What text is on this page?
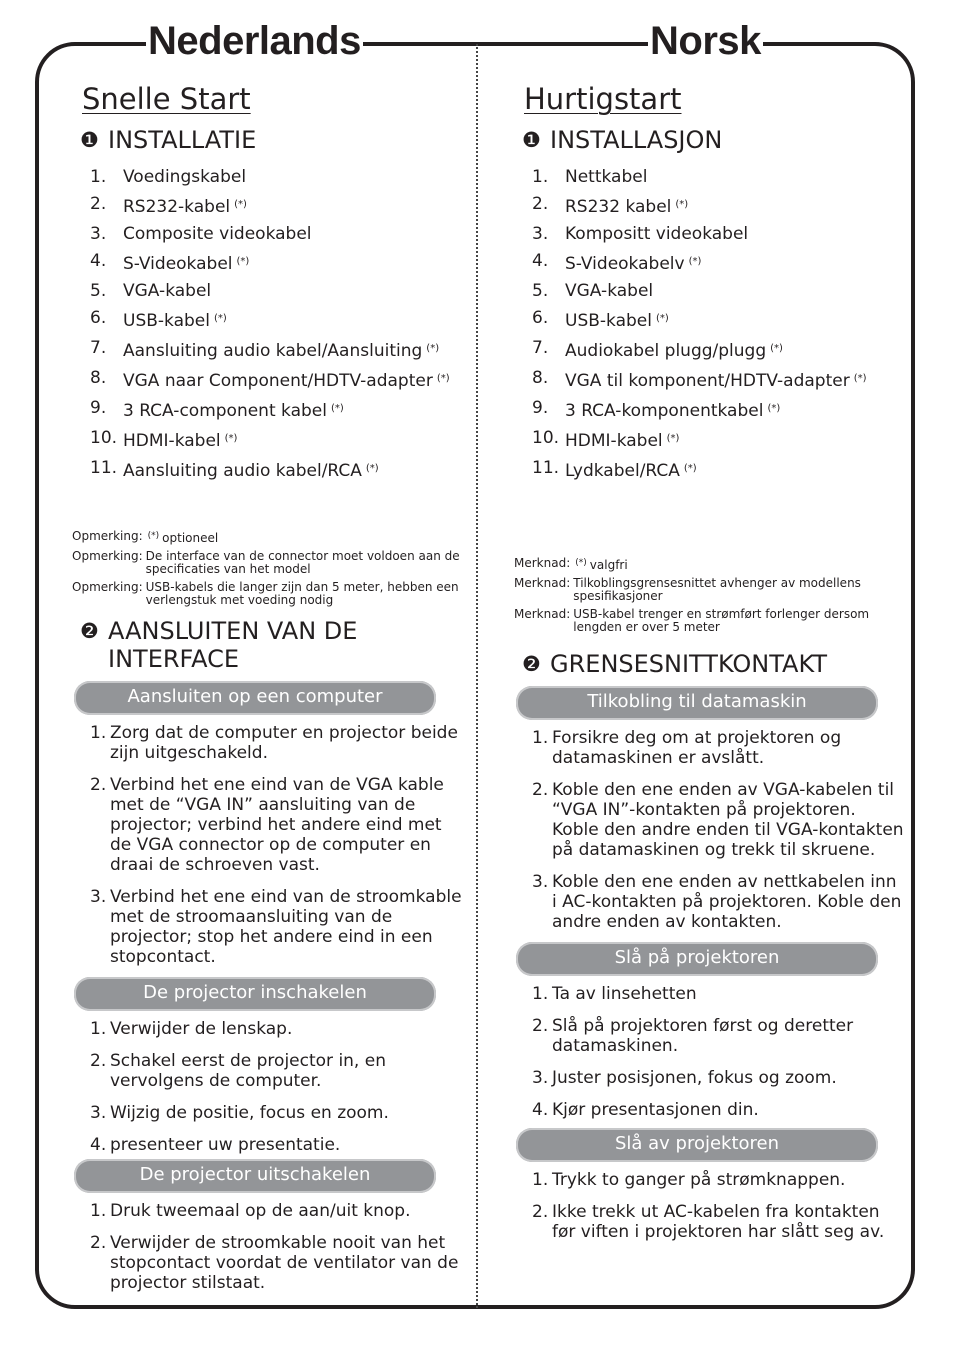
Nederlands	Norsk
Snelle Start
❶ INSTALLATIE
1. Voedingskabel
2. RS232-kabel (*)
3. Composite videokabel
4. S-Videokabel (*)
5. VGA-kabel
6. USB-kabel (*)
7. Aansluiting audio kabel/Aansluiting (*)
8. VGA naar Component/HDTV-adapter (*)
9. 3 RCA-component kabel (*)
10. HDMI-kabel (*)
11. Aansluiting audio kabel/RCA (*)
Opmerking: (*) optioneel
Opmerking: De interface van de connector moet voldoen aan de specificaties van het model
Opmerking: USB-kabels die langer zijn dan 5 meter, hebben een verlengstuk met voeding nodig
❷ AANSLUITEN VAN DE INTERFACE
Aansluiten op een computer
1. Zorg dat de computer en projector beide zijn uitgeschakeld.
2. Verbind het ene eind van de VGA kable met de “VGA IN” aansluiting van de projector; verbind het andere eind met de VGA connector op de computer en draai de schroeven vast.
3. Verbind het ene eind van de stroomkable met de stroomaansluiting van de projector; stop het andere eind in een stopcontact.
De projector inschakelen
1. Verwijder de lenskap.
2. Schakel eerst de projector in, en vervolgens de computer.
3. Wijzig de positie, focus en zoom.
4. presenteer uw presentatie.
De projector uitschakelen
1. Druk tweemaal op de aan/uit knop.
2. Verwijder de stroomkable nooit van het stopcontact voordat de ventilator van de projector stilstaat.
Hurtigstart
❶ INSTALLASJON
1. Nettkabel
2. RS232 kabel (*)
3. Kompositt videokabel
4. S-Videokabelv (*)
5. VGA-kabel
6. USB-kabel (*)
7. Audiokabel plugg/plugg (*)
8. VGA til komponent/HDTV-adapter (*)
9. 3 RCA-komponentkabel (*)
10. HDMI-kabel (*)
11. Lydkabel/RCA (*)
Merknad: (*) valgfri
Merknad: Tilkoblingsgrensesnittet avhenger av modellens spesifikasjoner
Merknad: USB-kabel trenger en strømført forlenger dersom lengden er over 5 meter
❷ GRENSESNITTKONTAKT
Tilkobling til datamaskin
1. Forsikre deg om at projektoren og datamaskinen er avslått.
2. Koble den ene enden av VGA-kabelen til “VGA IN”-kontakten på projektoren. Koble den andre enden til VGA-kontakten på datamaskinen og trekk til skruene.
3. Koble den ene enden av nettkabelen inn i AC-kontakten på projektoren. Koble den andre enden av kontakten.
Slå på projektoren
1. Ta av linsehetten
2. Slå på projektoren først og deretter datamaskinen.
3. Juster posisjonen, fokus og zoom.
4. Kjør presentasjonen din.
Slå av projektoren
1. Trykk to ganger på strømknappen.
2. Ikke trekk ut AC-kabelen fra kontakten før viften i projektoren har slått seg av.
